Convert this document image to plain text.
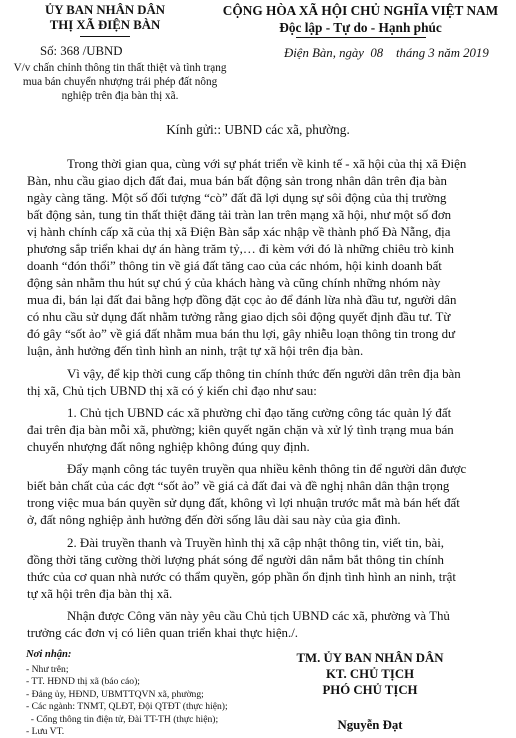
ỦY BAN NHÂN DÂN
THỊ XÃ ĐIỆN BÀN
Số: 368 /UBND
V/v chấn chỉnh thông tin thất thiệt và tình trạng
mua bán chuyển nhượng trái phép đất nông
nghiệp trên địa bàn thị xã.
CỘNG HÒA XÃ HỘI CHỦ NGHĨA VIỆT NAM
Độc lập - Tự do - Hạnh phúc
Điện Bàn, ngày  08    tháng 3 năm 2019
Kính gửi:: UBND các xã, phường.
Trong thời gian qua, cùng với sự phát triển về kinh tế - xã hội của thị xã Điện
Bàn, nhu cầu giao dịch đất đai, mua bán bất động sản trong nhân dân trên địa bàn
ngày càng tăng. Một số đối tượng “cò” đất đã lợi dụng sự sôi động của thị trường
bất động sản, tung tin thất thiệt đăng tải tràn lan trên mạng xã hội, như một số đơn
vị hành chính cấp xã của thị xã Điện Bàn sắp xác nhập về thành phố Đà Nẵng, địa
phương sắp triển khai dự án hàng trăm tỷ,… đi kèm với đó là những chiêu trò kinh
doanh “đón thổi” thông tin về giá đất tăng cao của các nhóm, hội kinh doanh bất
động sản nhằm thu hút sự chú ý của khách hàng và cũng chính những nhóm này
mua đi, bán lại đất đai bằng hợp đồng đặt cọc ảo để đánh lừa nhà đầu tư, người dân
có nhu cầu sử dụng đất nhằm tưởng rằng giao dịch sôi động quyết định đầu tư. Từ
đó gây “sốt ảo” về giá đất nhằm mua bán thu lợi, gây nhiễu loạn thông tin trong dư
luận, ảnh hưởng đến tình hình an ninh, trật tự xã hội trên địa bàn.
Vì vậy, để kịp thời cung cấp thông tin chính thức đến người dân trên địa bàn
thị xã, Chủ tịch UBND thị xã có ý kiến chỉ đạo như sau:
1. Chủ tịch UBND các xã phường chỉ đạo tăng cường công tác quản lý đất
đai trên địa bàn mỗi xã, phường; kiên quyết ngăn chặn và xử lý tình trạng mua bán
chuyển nhượng đất nông nghiệp không đúng quy định.
Đẩy mạnh công tác tuyên truyền qua nhiều kênh thông tin để người dân được
biết bản chất của các đợt “sốt ảo” về giá cả đất đai và đề nghị nhân dân thận trọng
trong việc mua bán quyền sử dụng đất, không vì lợi nhuận trước mắt mà bán hết đất
ở, đất nông nghiệp ảnh hưởng đến đời sống lâu dài sau này của gia đình.
2. Đài truyền thanh và Truyền hình thị xã cập nhật thông tin, viết tin, bài,
đồng thời tăng cường thời lượng phát sóng để người dân nắm bắt thông tin chính
thức của cơ quan nhà nước có thẩm quyền, góp phần ổn định tình hình an ninh, trật
tự xã hội trên địa bàn thị xã.
Nhận được Công văn này yêu cầu Chủ tịch UBND các xã, phường và Thủ
trưởng các đơn vị có liên quan triển khai thực hiện./.
Nơi nhận:
- Như trên;
- TT. HĐND thị xã (báo cáo);
- Đảng ủy, HĐND, UBMTTQVN xã, phường;
- Các ngành: TNMT, QLĐT, Đội QTĐT (thực hiện);
- Cổng thông tin điện tử, Đài TT-TH (thực hiện);
- Lưu VT.
TM. ỦY BAN NHÂN DÂN
KT. CHỦ TỊCH
PHÓ CHỦ TỊCH
Nguyễn Đạt
